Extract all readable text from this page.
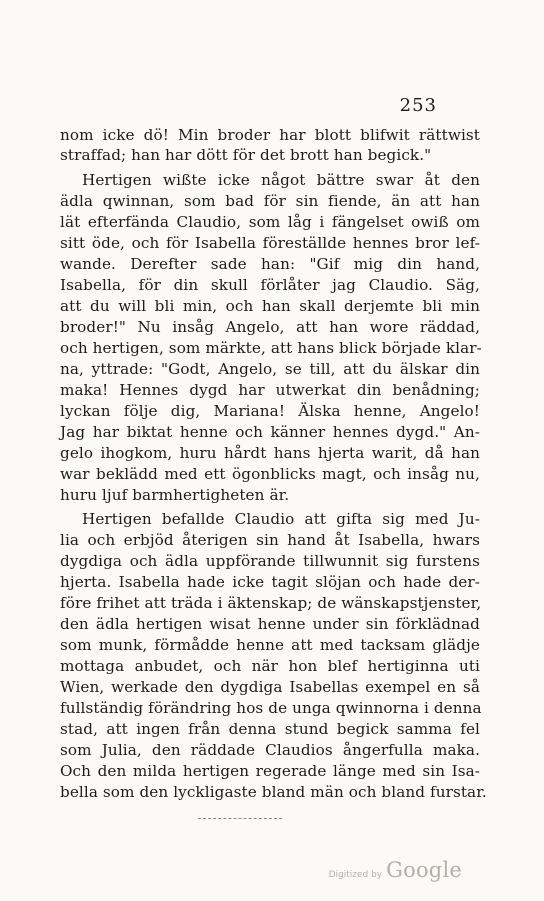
253
nom icke dö! Min broder har blott blifwit rättwist
straffad; han har dött för det brott han begick."
Hertigen wißte icke något bättre swar åt den
ädla qwinnan, som bad för sin fiende, än att han
lät efterfända Claudio, som låg i fängelset owiß om
sitt öde, och för Isabella föreställde hennes bror lef-
wande. Derefter sade han: "Gif mig din hand,
Isabella, för din skull förlåter jag Claudio. Säg,
att du will bli min, och han skall derjemte bli min
broder!" Nu insåg Angelo, att han wore räddad,
och hertigen, som märkte, att hans blick började klar-
na, yttrade: "Godt, Angelo, se till, att du älskar din
maka! Hennes dygd har utwerkat din benådning;
lyckan följe dig, Mariana! Älska henne, Angelo!
Jag har biktat henne och känner hennes dygd." An-
gelo ihogkom, huru hårdt hans hjerta warit, då han
war beklädd med ett ögonblicks magt, och insåg nu,
huru ljuf barmhertigheten är.
Hertigen befallde Claudio att gifta sig med Ju-
lia och erbjöd återigen sin hand åt Isabella, hwars
dygdiga och ädla uppförande tillwunnit sig furstens
hjerta. Isabella hade icke tagit slöjan och hade der-
före frihet att träda i äktenskap; de wänskapstjenster,
den ädla hertigen wisat henne under sin förklädnad
som munk, förmådde henne att med tacksam glädje
mottaga anbudet, och när hon blef hertiginna uti
Wien, werkade den dygdiga Isabellas exempel en så
fullständig förändring hos de unga qwinnorna i denna
stad, att ingen från denna stund begick samma fel
som Julia, den räddade Claudios ångerfulla maka.
Och den milda hertigen regerade länge med sin Isa-
bella som den lyckligaste bland män och bland furstar.
Digitized by Google
